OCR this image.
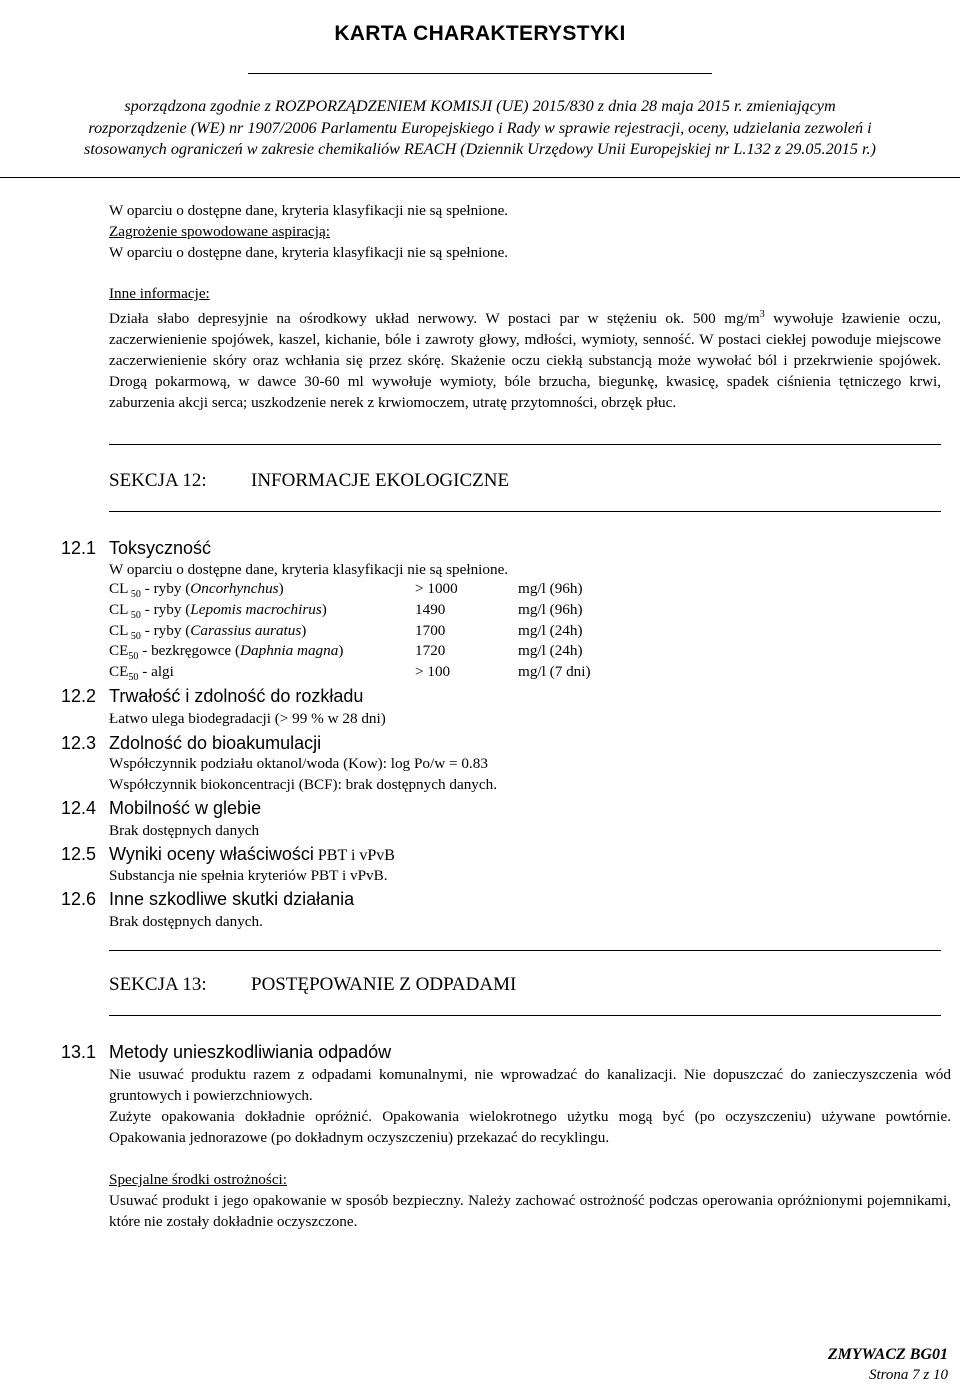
KARTA CHARAKTERYSTYKI
sporządzona zgodnie z ROZPORZĄDZENIEM KOMISJI (UE) 2015/830 z dnia 28 maja 2015 r. zmieniającym
rozporządzenie (WE) nr 1907/2006 Parlamentu Europejskiego i Rady w sprawie rejestracji, oceny, udzielania zezwoleń i
stosowanych ograniczeń w zakresie chemikaliów REACH (Dziennik Urzędowy Unii Europejskiej nr L.132 z 29.05.2015 r.)
W oparciu o dostępne dane, kryteria klasyfikacji nie są spełnione.
Zagrożenie spowodowane aspiracją:
W oparciu o dostępne dane, kryteria klasyfikacji nie są spełnione.
Inne informacje:
Działa słabo depresyjnie na ośrodkowy układ nerwowy. W postaci par w stężeniu ok. 500 $mg/m^3$ wywołuje łzawienie oczu, zaczerwienienie spojówek, kaszel, kichanie, bóle i zawroty głowy, mdłości, wymioty, senność. W postaci ciekłej powoduje miejscowe zaczerwienienie skóry oraz wchłania się przez skórę. Skażenie oczu ciekłą substancją może wywołać ból i przekrwienie spojówek. Drogą pokarmową, w dawce 30-60 ml wywołuje wymioty, bóle brzucha, biegunkę, kwasicę, spadek ciśnienia tętniczego krwi, zaburzenia akcji serca; uszkodzenie nerek z krwiomoczem, utratę przytomności, obrzęk płuc.
SEKCJA 12: INFORMACJE EKOLOGICZNE
12.1 Toksyczność
W oparciu o dostępne dane, kryteria klasyfikacji nie są spełnione.
CL $_{50}$ - ryby (Oncorhynchus)	> 1000	mg/l (96h)
CL $_{50}$ - ryby (Lepomis macrochirus)	1490	mg/l (96h)
CL $_{50}$ - ryby (Carassius auratus)	1700	mg/l (24h)
$CE_{50}$ - bezkręgowce (Daphnia magna)	1720	mg/l (24h)
$CE_{50}$ - algi	> 100	mg/l (7 dni)
12.2 Trwałość i zdolność do rozkładu
Łatwo ulega biodegradacji (> 99 % w 28 dni)
12.3 Zdolność do bioakumulacji
Współczynnik podziału oktanol/woda (Kow): log Po/w = 0.83
Współczynnik biokoncentracji (BCF): brak dostępnych danych.
12.4 Mobilność w glebie
Brak dostępnych danych
12.5 Wyniki oceny właściwości PBT i vPvB
Substancja nie spełnia kryteriów PBT i vPvB.
12.6 Inne szkodliwe skutki działania
Brak dostępnych danych.
SEKCJA 13: POSTĘPOWANIE Z ODPADAMI
13.1 Metody unieszkodliwiania odpadów
Nie usuwać produktu razem z odpadami komunalnymi, nie wprowadzać do kanalizacji. Nie dopuszczać do zanieczyszczenia wód gruntowych i powierzchniowych.
Zużyte opakowania dokładnie opróżnić. Opakowania wielokrotnego użytku mogą być (po oczyszczeniu) używane powtórnie. Opakowania jednorazowe (po dokładnym oczyszczeniu) przekazać do recyklingu.
Specjalne środki ostrożności:
Usuwać produkt i jego opakowanie w sposób bezpieczny. Należy zachować ostrożność podczas operowania opróżnionymi pojemnikami, które nie zostały dokładnie oczyszczone.
ZMYWACZ BG01
Strona 7 z 10
